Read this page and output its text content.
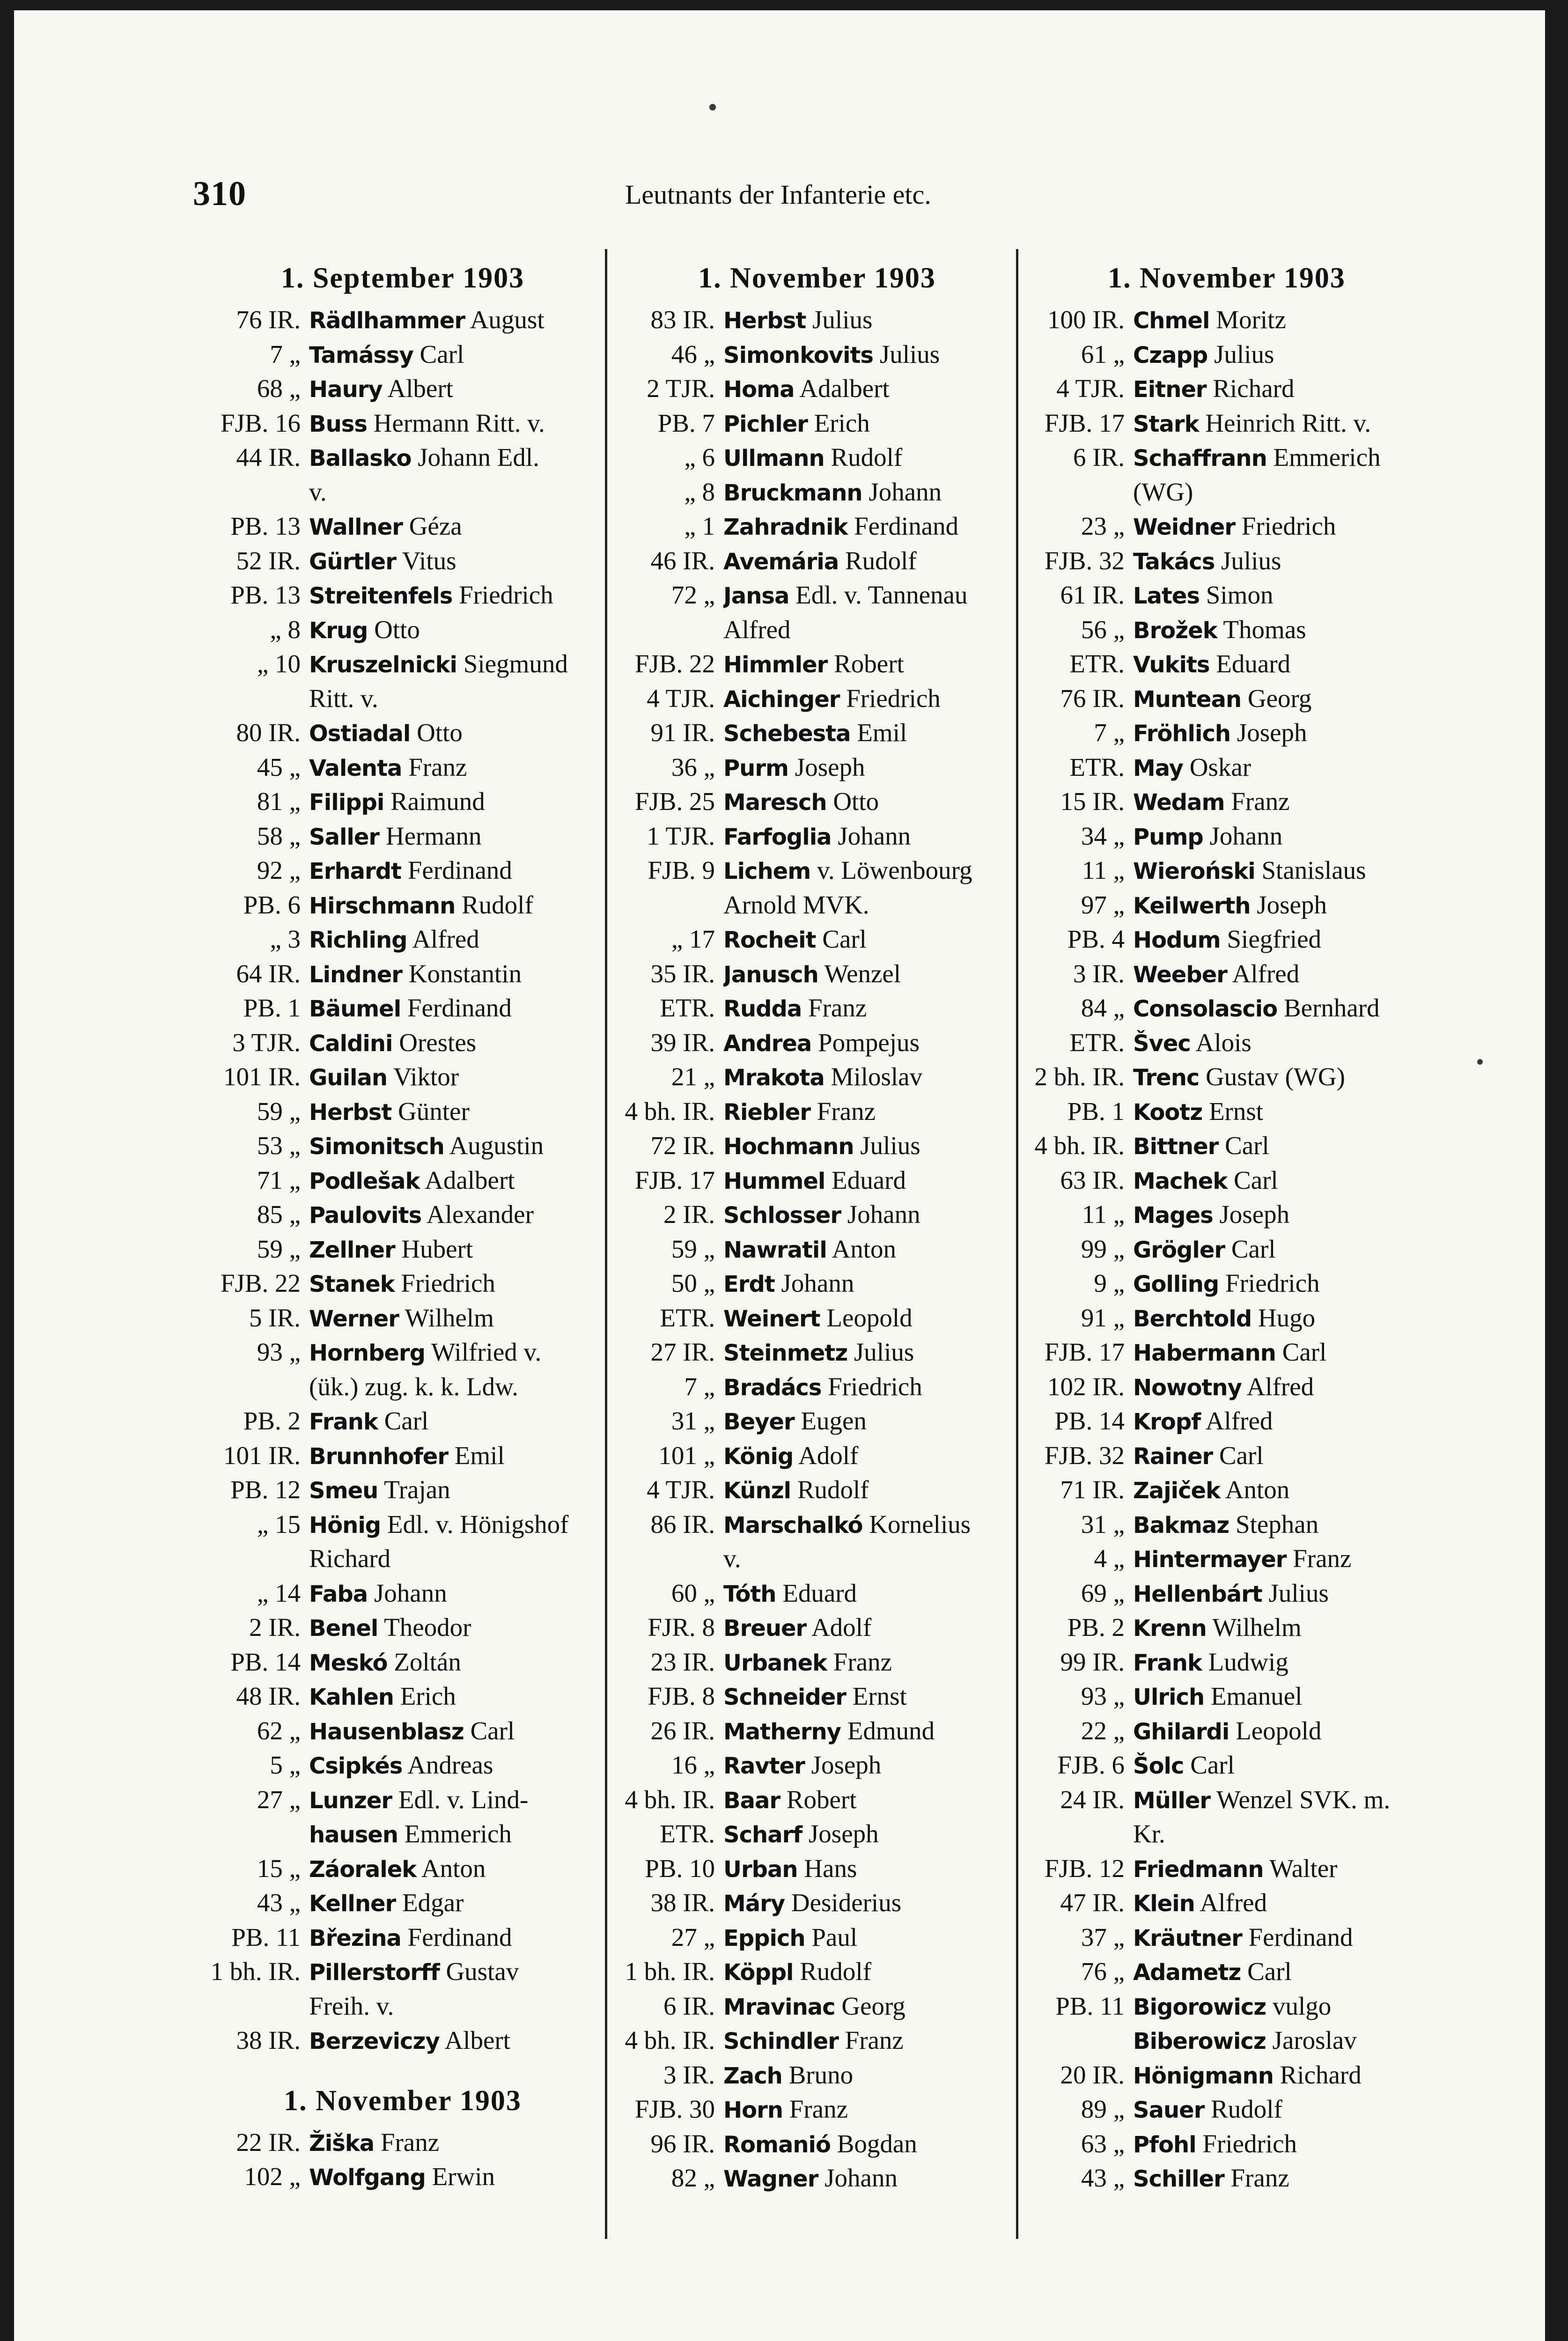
310	Leutnants der Infanterie etc.
1. September 1903
76 IR. Rädlhammer August
7 „ Tamássy Carl
68 „ Haury Albert
FJB. 16 Buss Hermann Ritt. v.
44 IR. Ballasko Johann Edl.
v.
PB. 13 Wallner Géza
52 IR. Gürtler Vitus
PB. 13 Streitenfels Friedrich
„ 8 Krug Otto
„ 10 Kruszelnicki Siegmund
Ritt. v.
80 IR. Ostiadal Otto
45 „ Valenta Franz
81 „ Filippi Raimund
58 „ Saller Hermann
92 „ Erhardt Ferdinand
PB. 6 Hirschmann Rudolf
„ 3 Richling Alfred
64 IR. Lindner Konstantin
PB. 1 Bäumel Ferdinand
3 TJR. Caldini Orestes
101 IR. Guilan Viktor
59 „ Herbst Günter
53 „ Simonitsch Augustin
71 „ Podlešak Adalbert
85 „ Paulovits Alexander
59 „ Zellner Hubert
FJB. 22 Stanek Friedrich
5 IR. Werner Wilhelm
93 „ Hornberg Wilfried v.
(ük.) zug. k. k. Ldw.
PB. 2 Frank Carl
101 IR. Brunnhofer Emil
PB. 12 Smeu Trajan
„ 15 Hönig Edl. v. Hönigshof
Richard
„ 14 Faba Johann
2 IR. Benel Theodor
PB. 14 Meskó Zoltán
48 IR. Kahlen Erich
62 „ Hausenblasz Carl
5 „ Csipkés Andreas
27 „ Lunzer Edl. v. Lind-
hausen Emmerich
15 „ Záoralek Anton
43 „ Kellner Edgar
PB. 11 Březina Ferdinand
1 bh. IR. Pillerstorff Gustav
Freih. v.
38 IR. Berzeviczy Albert
1. November 1903
22 IR. Žiška Franz
102 „ Wolfgang Erwin
1. November 1903
83 IR. Herbst Julius
46 „ Simonkovits Julius
2 TJR. Homa Adalbert
PB. 7 Pichler Erich
„ 6 Ullmann Rudolf
„ 8 Bruckmann Johann
„ 1 Zahradnik Ferdinand
46 IR. Avemária Rudolf
72 „ Jansa Edl. v. Tannenau
Alfred
FJB. 22 Himmler Robert
4 TJR. Aichinger Friedrich
91 IR. Schebesta Emil
36 „ Purm Joseph
FJB. 25 Maresch Otto
1 TJR. Farfoglia Johann
FJB. 9 Lichem v. Löwenbourg
Arnold MVK.
„ 17 Rocheit Carl
35 IR. Janusch Wenzel
ETR. Rudda Franz
39 IR. Andrea Pompejus
21 „ Mrakota Miloslav
4 bh. IR. Riebler Franz
72 IR. Hochmann Julius
FJB. 17 Hummel Eduard
2 IR. Schlosser Johann
59 „ Nawratil Anton
50 „ Erdt Johann
ETR. Weinert Leopold
27 IR. Steinmetz Julius
7 „ Bradács Friedrich
31 „ Beyer Eugen
101 „ König Adolf
4 TJR. Künzl Rudolf
86 IR. Marschalkó Kornelius
v.
60 „ Tóth Eduard
FJR. 8 Breuer Adolf
23 IR. Urbanek Franz
FJB. 8 Schneider Ernst
26 IR. Matherny Edmund
16 „ Ravter Joseph
4 bh. IR. Baar Robert
ETR. Scharf Joseph
PB. 10 Urban Hans
38 IR. Máry Desiderius
27 „ Eppich Paul
1 bh. IR. Köppl Rudolf
6 IR. Mravinac Georg
4 bh. IR. Schindler Franz
3 IR. Zach Bruno
FJB. 30 Horn Franz
96 IR. Romanió Bogdan
82 „ Wagner Johann
1. November 1903
100 IR. Chmel Moritz
61 „ Czapp Julius
4 TJR. Eitner Richard
FJB. 17 Stark Heinrich Ritt. v.
6 IR. Schaffrann Emmerich
(WG)
23 „ Weidner Friedrich
FJB. 32 Takács Julius
61 IR. Lates Simon
56 „ Brožek Thomas
ETR. Vukits Eduard
76 IR. Muntean Georg
7 „ Fröhlich Joseph
ETR. May Oskar
15 IR. Wedam Franz
34 „ Pump Johann
11 „ Wieroński Stanislaus
97 „ Keilwerth Joseph
PB. 4 Hodum Siegfried
3 IR. Weeber Alfred
84 „ Consolascio Bernhard
ETR. Švec Alois
2 bh. IR. Trenc Gustav (WG)
PB. 1 Kootz Ernst
4 bh. IR. Bittner Carl
63 IR. Machek Carl
11 „ Mages Joseph
99 „ Grögler Carl
9 „ Golling Friedrich
91 „ Berchtold Hugo
FJB. 17 Habermann Carl
102 IR. Nowotny Alfred
PB. 14 Kropf Alfred
FJB. 32 Rainer Carl
71 IR. Zajiček Anton
31 „ Bakmaz Stephan
4 „ Hintermayer Franz
69 „ Hellenbárt Julius
PB. 2 Krenn Wilhelm
99 IR. Frank Ludwig
93 „ Ulrich Emanuel
22 „ Ghilardi Leopold
FJB. 6 Šolc Carl
24 IR. Müller Wenzel SVK. m.
Kr.
FJB. 12 Friedmann Walter
47 IR. Klein Alfred
37 „ Kräutner Ferdinand
76 „ Adametz Carl
PB. 11 Bigorowicz vulgo
Biberowicz Jaroslav
20 IR. Hönigmann Richard
89 „ Sauer Rudolf
63 „ Pfohl Friedrich
43 „ Schiller Franz
